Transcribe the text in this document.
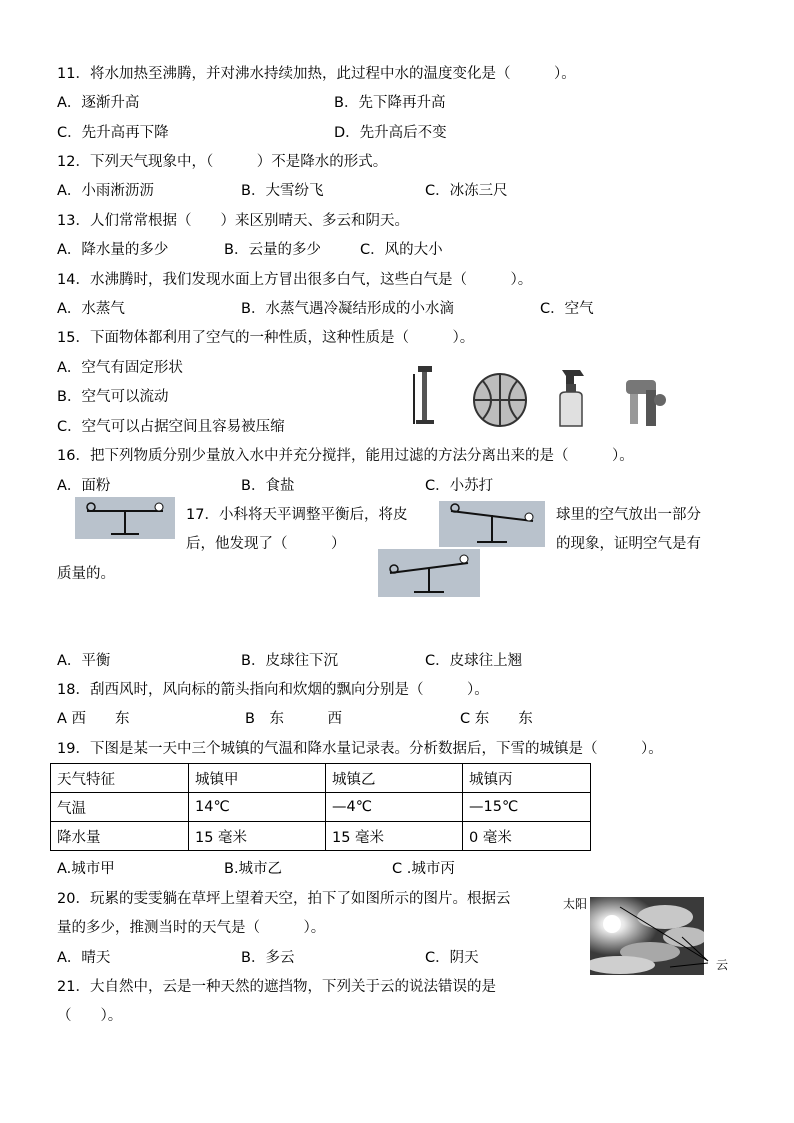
11．将水加热至沸腾，并对沸水持续加热，此过程中水的温度变化是（　　　）。
A．逐渐升高	B．先下降再升高
C．先升高再下降	D．先升高后不变
12．下列天气现象中，（　　　）不是降水的形式。
A．小雨淅沥沥	B．大雪纷飞	C．冰冻三尺
13．人们常常根据（　　）来区别晴天、多云和阴天。
A．降水量的多少	B．云量的多少	C．风的大小
14．水沸腾时，我们发现水面上方冒出很多白气，这些白气是（　　　）。
A．水蒸气	B．水蒸气遇冷凝结形成的小水滴	C．空气
15．下面物体都利用了空气的一种性质，这种性质是（　　　）。
A．空气有固定形状
B．空气可以流动
C．空气可以占据空间且容易被压缩
16．把下列物质分别少量放入水中并充分搅拌，能用过滤的方法分离出来的是（　　　）。
A．面粉	B．食盐	C．小苏打
17．小科将天平调整平衡后，将皮	球里的空气放出一部分
后，他发现了（　　　）	的现象，证明空气是有
质量的。
A．平衡	B．皮球往下沉	C．皮球往上翘
18．刮西风时，风向标的箭头指向和炊烟的飘向分别是（　　　）。
A 西　　东	B　东　　　西	C 东　　东
19．下图是某一天中三个城镇的气温和降水量记录表。分析数据后，下雪的城镇是（　　　）。
天气特征	城镇甲	城镇乙	城镇丙
气温	14℃	—4℃	—15℃
降水量	15 毫米	15 毫米	0 毫米
A.城市甲	B.城市乙	C .城市丙
20．玩累的雯雯躺在草坪上望着天空，拍下了如图所示的图片。根据云
量的多少，推测当时的天气是（　　　）。
A．晴天	B．多云	C．阴天
太阳
云
21．大自然中，云是一种天然的遮挡物，下列关于云的说法错误的是
（　　）。
